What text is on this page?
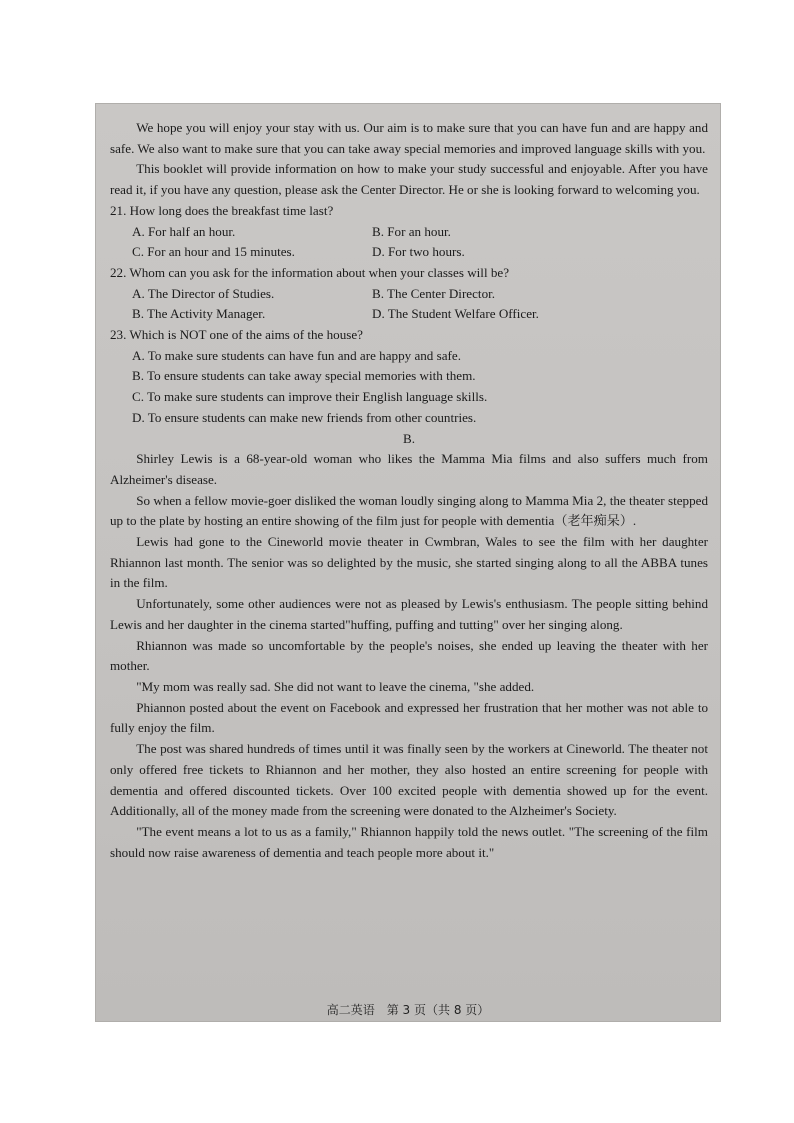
We hope you will enjoy your stay with us. Our aim is to make sure that you can have fun and are happy and safe. We also want to make sure that you can take away special memories and improved language skills with you.

This booklet will provide information on how to make your study successful and enjoyable. After you have read it, if you have any question, please ask the Center Director. He or she is looking forward to welcoming you.

21. How long does the breakfast time last?

A. For half an hour.	B. For an hour.
C. For an hour and 15 minutes.	D. For two hours.

22. Whom can you ask for the information about when your classes will be?

A. The Director of Studies.	B. The Center Director.
B. The Activity Manager.	D. The Student Welfare Officer.

23. Which is NOT one of the aims of the house?

A. To make sure students can have fun and are happy and safe.
B. To ensure students can take away special memories with them.
C. To make sure students can improve their English language skills.
D. To ensure students can make new friends from other countries.

B.

Shirley Lewis is a 68-year-old woman who likes the Mamma Mia films and also suffers much from Alzheimer's disease.

So when a fellow movie-goer disliked the woman loudly singing along to Mamma Mia 2, the theater stepped up to the plate by hosting an entire showing of the film just for people with dementia（老年痴呆）.

Lewis had gone to the Cineworld movie theater in Cwmbran, Wales to see the film with her daughter Rhiannon last month. The senior was so delighted by the music, she started singing along to all the ABBA tunes in the film.

Unfortunately, some other audiences were not as pleased by Lewis's enthusiasm. The people sitting behind Lewis and her daughter in the cinema started"huffing, puffing and tutting" over her singing along.

Rhiannon was made so uncomfortable by the people's noises, she ended up leaving the theater with her mother.

"My mom was really sad. She did not want to leave the cinema, "she added.

Phiannon posted about the event on Facebook and expressed her frustration that her mother was not able to fully enjoy the film.

The post was shared hundreds of times until it was finally seen by the workers at Cineworld. The theater not only offered free tickets to Rhiannon and her mother, they also hosted an entire screening for people with dementia and offered discounted tickets. Over 100 excited people with dementia showed up for the event. Additionally, all of the money made from the screening were donated to the Alzheimer's Society.

"The event means a lot to us as a family," Rhiannon happily told the news outlet. "The screening of the film should now raise awareness of dementia and teach people more about it."

高二英语　第 3 页（共 8 页）
